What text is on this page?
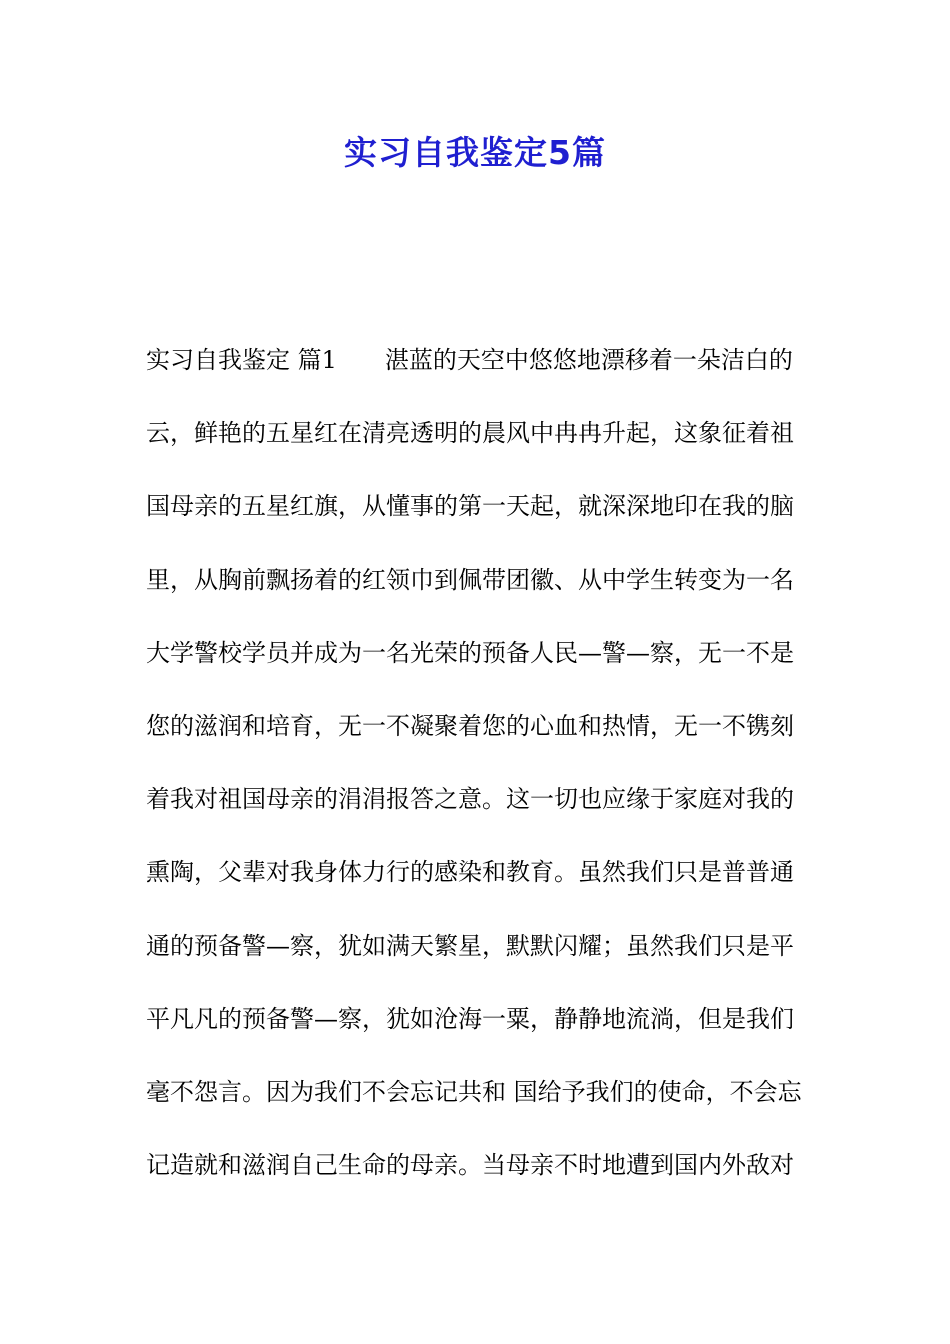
实习自我鉴定5篇
实习自我鉴定 篇1　　湛蓝的天空中悠悠地漂移着一朵洁白的
云，鲜艳的五星红在清亮透明的晨风中冉冉升起，这象征着祖
国母亲的五星红旗，从懂事的第一天起，就深深地印在我的脑
里，从胸前飘扬着的红领巾到佩带团徽、从中学生转变为一名
大学警校学员并成为一名光荣的预备人民—警—察，无一不是
您的滋润和培育，无一不凝聚着您的心血和热情，无一不镌刻
着我对祖国母亲的涓涓报答之意。这一切也应缘于家庭对我的
熏陶，父辈对我身体力行的感染和教育。虽然我们只是普普通
通的预备警—察，犹如满天繁星，默默闪耀；虽然我们只是平
平凡凡的预备警—察，犹如沧海一粟，静静地流淌，但是我们
毫不怨言。因为我们不会忘记共和 国给予我们的使命，不会忘
记造就和滋润自己生命的母亲。当母亲不时地遭到国内外敌对
